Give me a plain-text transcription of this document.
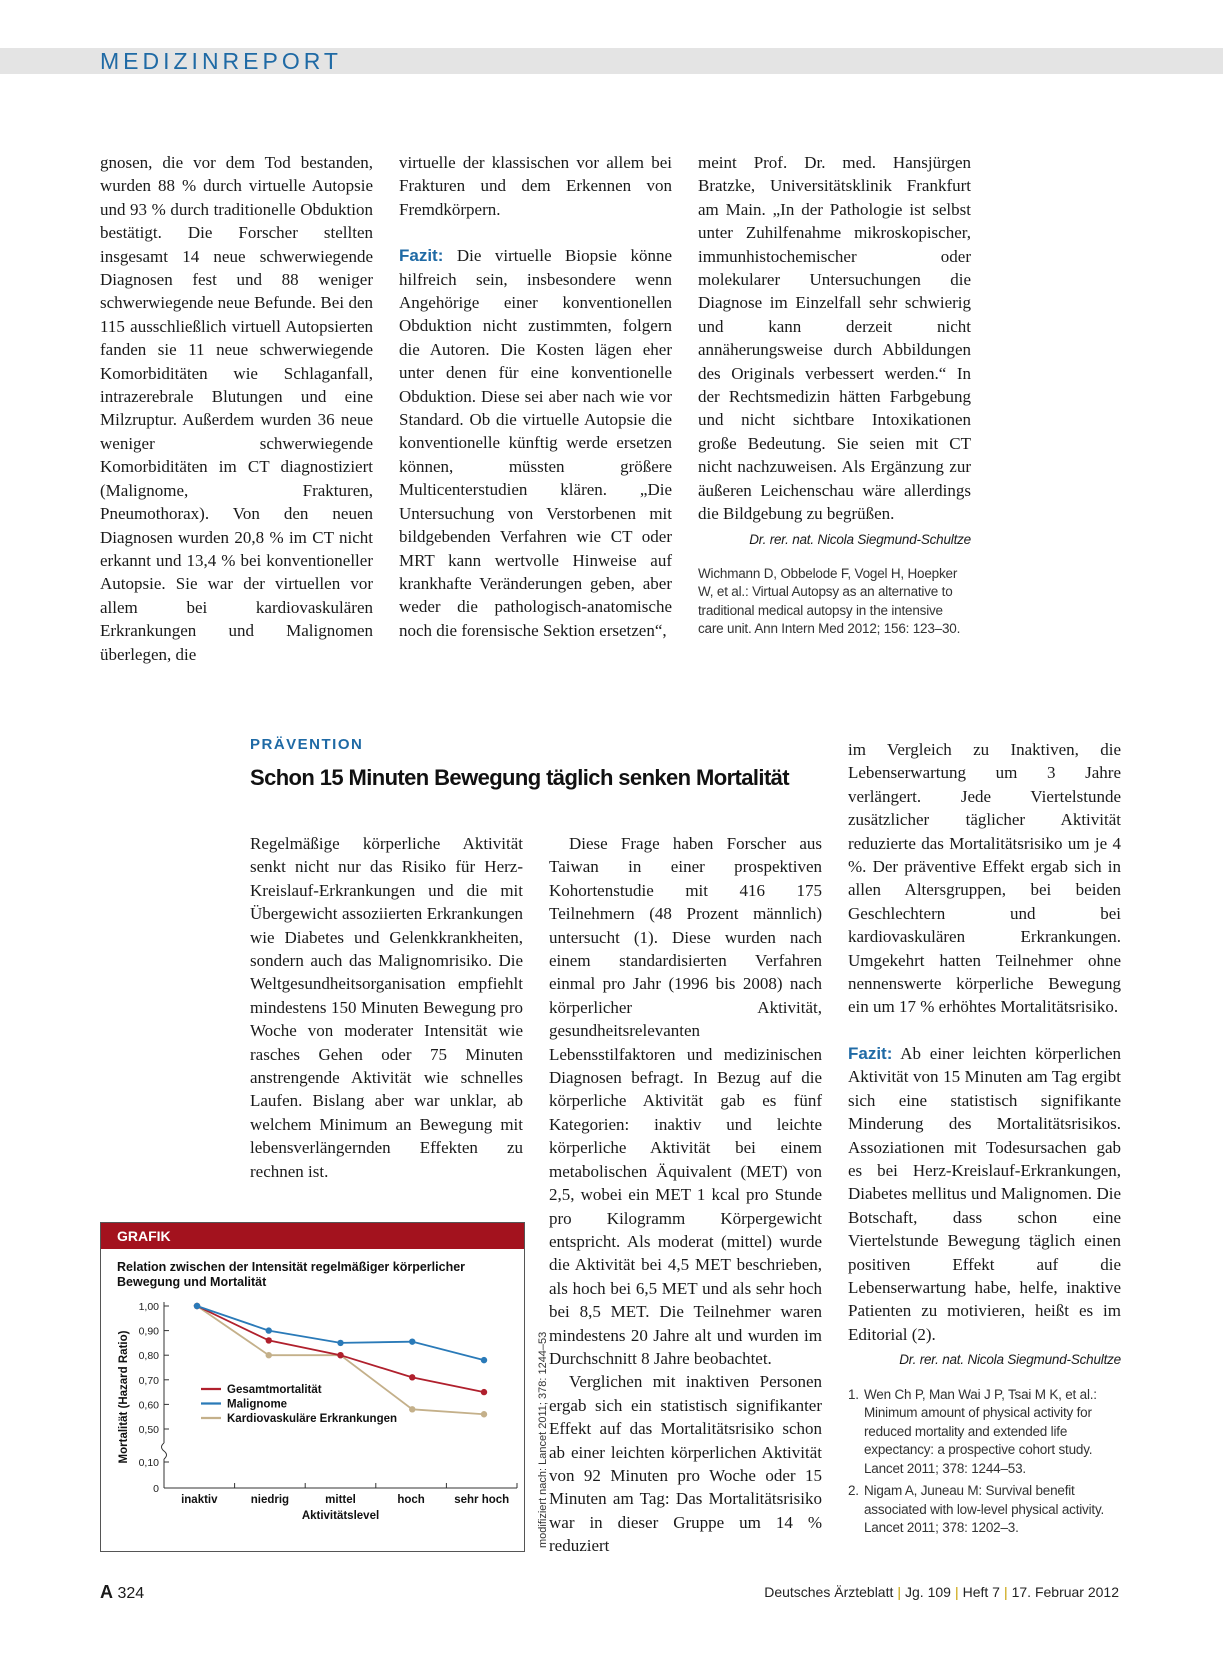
MEDIZINREPORT

gnosen, die vor dem Tod bestanden, wurden 88 % durch virtuelle Autopsie und 93 % durch traditionelle Obduktion bestätigt. Die Forscher stellten insgesamt 14 neue schwerwiegende Diagnosen fest und 88 weniger schwerwiegende neue Befunde. Bei den 115 ausschließlich virtuell Autopsierten fanden sie 11 neue schwerwiegende Komorbiditäten wie Schlaganfall, intrazerebrale Blutungen und eine Milzruptur. Außerdem wurden 36 neue weniger schwerwiegende Komorbiditäten im CT diagnostiziert (Malignome, Frakturen, Pneumothorax). Von den neuen Diagnosen wurden 20,8 % im CT nicht erkannt und 13,4 % bei konventioneller Autopsie. Sie war der virtuellen vor allem bei kardiovaskulären Erkrankungen und Malignomen überlegen, die

virtuelle der klassischen vor allem bei Frakturen und dem Erkennen von Fremdkörpern.

Fazit: Die virtuelle Biopsie könne hilfreich sein, insbesondere wenn Angehörige einer konventionellen Obduktion nicht zustimmten, folgern die Autoren. Die Kosten lägen eher unter denen für eine konventionelle Obduktion. Diese sei aber nach wie vor Standard. Ob die virtuelle Autopsie die konventionelle künftig werde ersetzen können, müssten größere Multicenterstudien klären. „Die Untersuchung von Verstorbenen mit bildgebenden Verfahren wie CT oder MRT kann wertvolle Hinweise auf krankhafte Veränderungen geben, aber weder die pathologisch-anatomische noch die forensische Sektion ersetzen“,

meint Prof. Dr. med. Hansjürgen Bratzke, Universitätsklinik Frankfurt am Main. „In der Pathologie ist selbst unter Zuhilfenahme mikroskopischer, immunhistochemischer oder molekularer Untersuchungen die Diagnose im Einzelfall sehr schwierig und kann derzeit nicht annäherungsweise durch Abbildungen des Originals verbessert werden.“ In der Rechtsmedizin hätten Farbgebung und nicht sichtbare Intoxikationen große Bedeutung. Sie seien mit CT nicht nachzuweisen. Als Ergänzung zur äußeren Leichenschau wäre allerdings die Bildgebung zu begrüßen.

Dr. rer. nat. Nicola Siegmund-Schultze
Wichmann D, Obbelode F, Vogel H, Hoepker W, et al.: Virtual Autopsy as an alternative to traditional medical autopsy in the intensive care unit. Ann Intern Med 2012; 156: 123–30.
PRÄVENTION
Schon 15 Minuten Bewegung täglich senken Mortalität

Regelmäßige körperliche Aktivität senkt nicht nur das Risiko für Herz-Kreislauf-Erkrankungen und die mit Übergewicht assoziierten Erkrankungen wie Diabetes und Gelenkkrankheiten, sondern auch das Malignomrisiko. Die Weltgesundheitsorganisation empfiehlt mindestens 150 Minuten Bewegung pro Woche von moderater Intensität wie rasches Gehen oder 75 Minuten anstrengende Aktivität wie schnelles Laufen. Bislang aber war unklar, ab welchem Minimum an Bewegung mit lebensverlängernden Effekten zu rechnen ist.

Diese Frage haben Forscher aus Taiwan in einer prospektiven Kohortenstudie mit 416 175 Teilnehmern (48 Prozent männlich) untersucht (1). Diese wurden nach einem standardisierten Verfahren einmal pro Jahr (1996 bis 2008) nach körperlicher Aktivität, gesundheitsrelevanten Lebensstilfaktoren und medizinischen Diagnosen befragt. In Bezug auf die körperliche Aktivität gab es fünf Kategorien: inaktiv und leichte körperliche Aktivität bei einem metabolischen Äquivalent (MET) von 2,5, wobei ein MET 1 kcal pro Stunde pro Kilogramm Körpergewicht entspricht. Als moderat (mittel) wurde die Aktivität bei 4,5 MET beschrieben, als hoch bei 6,5 MET und als sehr hoch bei 8,5 MET. Die Teilnehmer waren mindestens 20 Jahre alt und wurden im Durchschnitt 8 Jahre beobachtet.

Verglichen mit inaktiven Personen ergab sich ein statistisch signifikanter Effekt auf das Mortalitätsrisiko schon ab einer leichten körperlichen Aktivität von 92 Minuten pro Woche oder 15 Minuten am Tag: Das Mortalitätsrisiko war in dieser Gruppe um 14 % reduziert

im Vergleich zu Inaktiven, die Lebenserwartung um 3 Jahre verlängert. Jede Viertelstunde zusätzlicher täglicher Aktivität reduzierte das Mortalitätsrisiko um je 4 %. Der präventive Effekt ergab sich in allen Altersgruppen, bei beiden Geschlechtern und bei kardiovaskulären Erkrankungen. Umgekehrt hatten Teilnehmer ohne nennenswerte körperliche Bewegung ein um 17 % erhöhtes Mortalitätsrisiko.

Fazit: Ab einer leichten körperlichen Aktivität von 15 Minuten am Tag ergibt sich eine statistisch signifikante Minderung des Mortalitätsrisikos. Assoziationen mit Todesursachen gab es bei Herz-Kreislauf-Erkrankungen, Diabetes mellitus und Malignomen. Die Botschaft, dass schon eine Viertelstunde Bewegung täglich einen positiven Effekt auf die Lebenserwartung habe, helfe, inaktive Patienten zu motivieren, heißt es im Editorial (2).

Dr. rer. nat. Nicola Siegmund-Schultze
1. Wen Ch P, Man Wai J P, Tsai M K, et al.: Minimum amount of physical activity for reduced mortality and extended life expectancy: a prospective cohort study. Lancet 2011; 378: 1244–53.
2. Nigam A, Juneau M: Survival benefit associated with low-level physical activity. Lancet 2011; 378: 1202–3.
GRAFIK
Relation zwischen der Intensität regelmäßiger körperlicher
Bewegung und Mortalität
1,00
0,90
0,80
0,70
0,60
0,50
0,10
0
Mortalität (Hazard Ratio)
inaktiv	niedrig	mittel	hoch	sehr hoch
Aktivitätslevel
Gesamtmortalität
Malignome
Kardiovaskuläre Erkrankungen	modifiziert nach: Lancet 2011; 378: 1244–53
A 324	Deutsches Ärzteblatt | Jg. 109 | Heft 7 | 17. Februar 2012
